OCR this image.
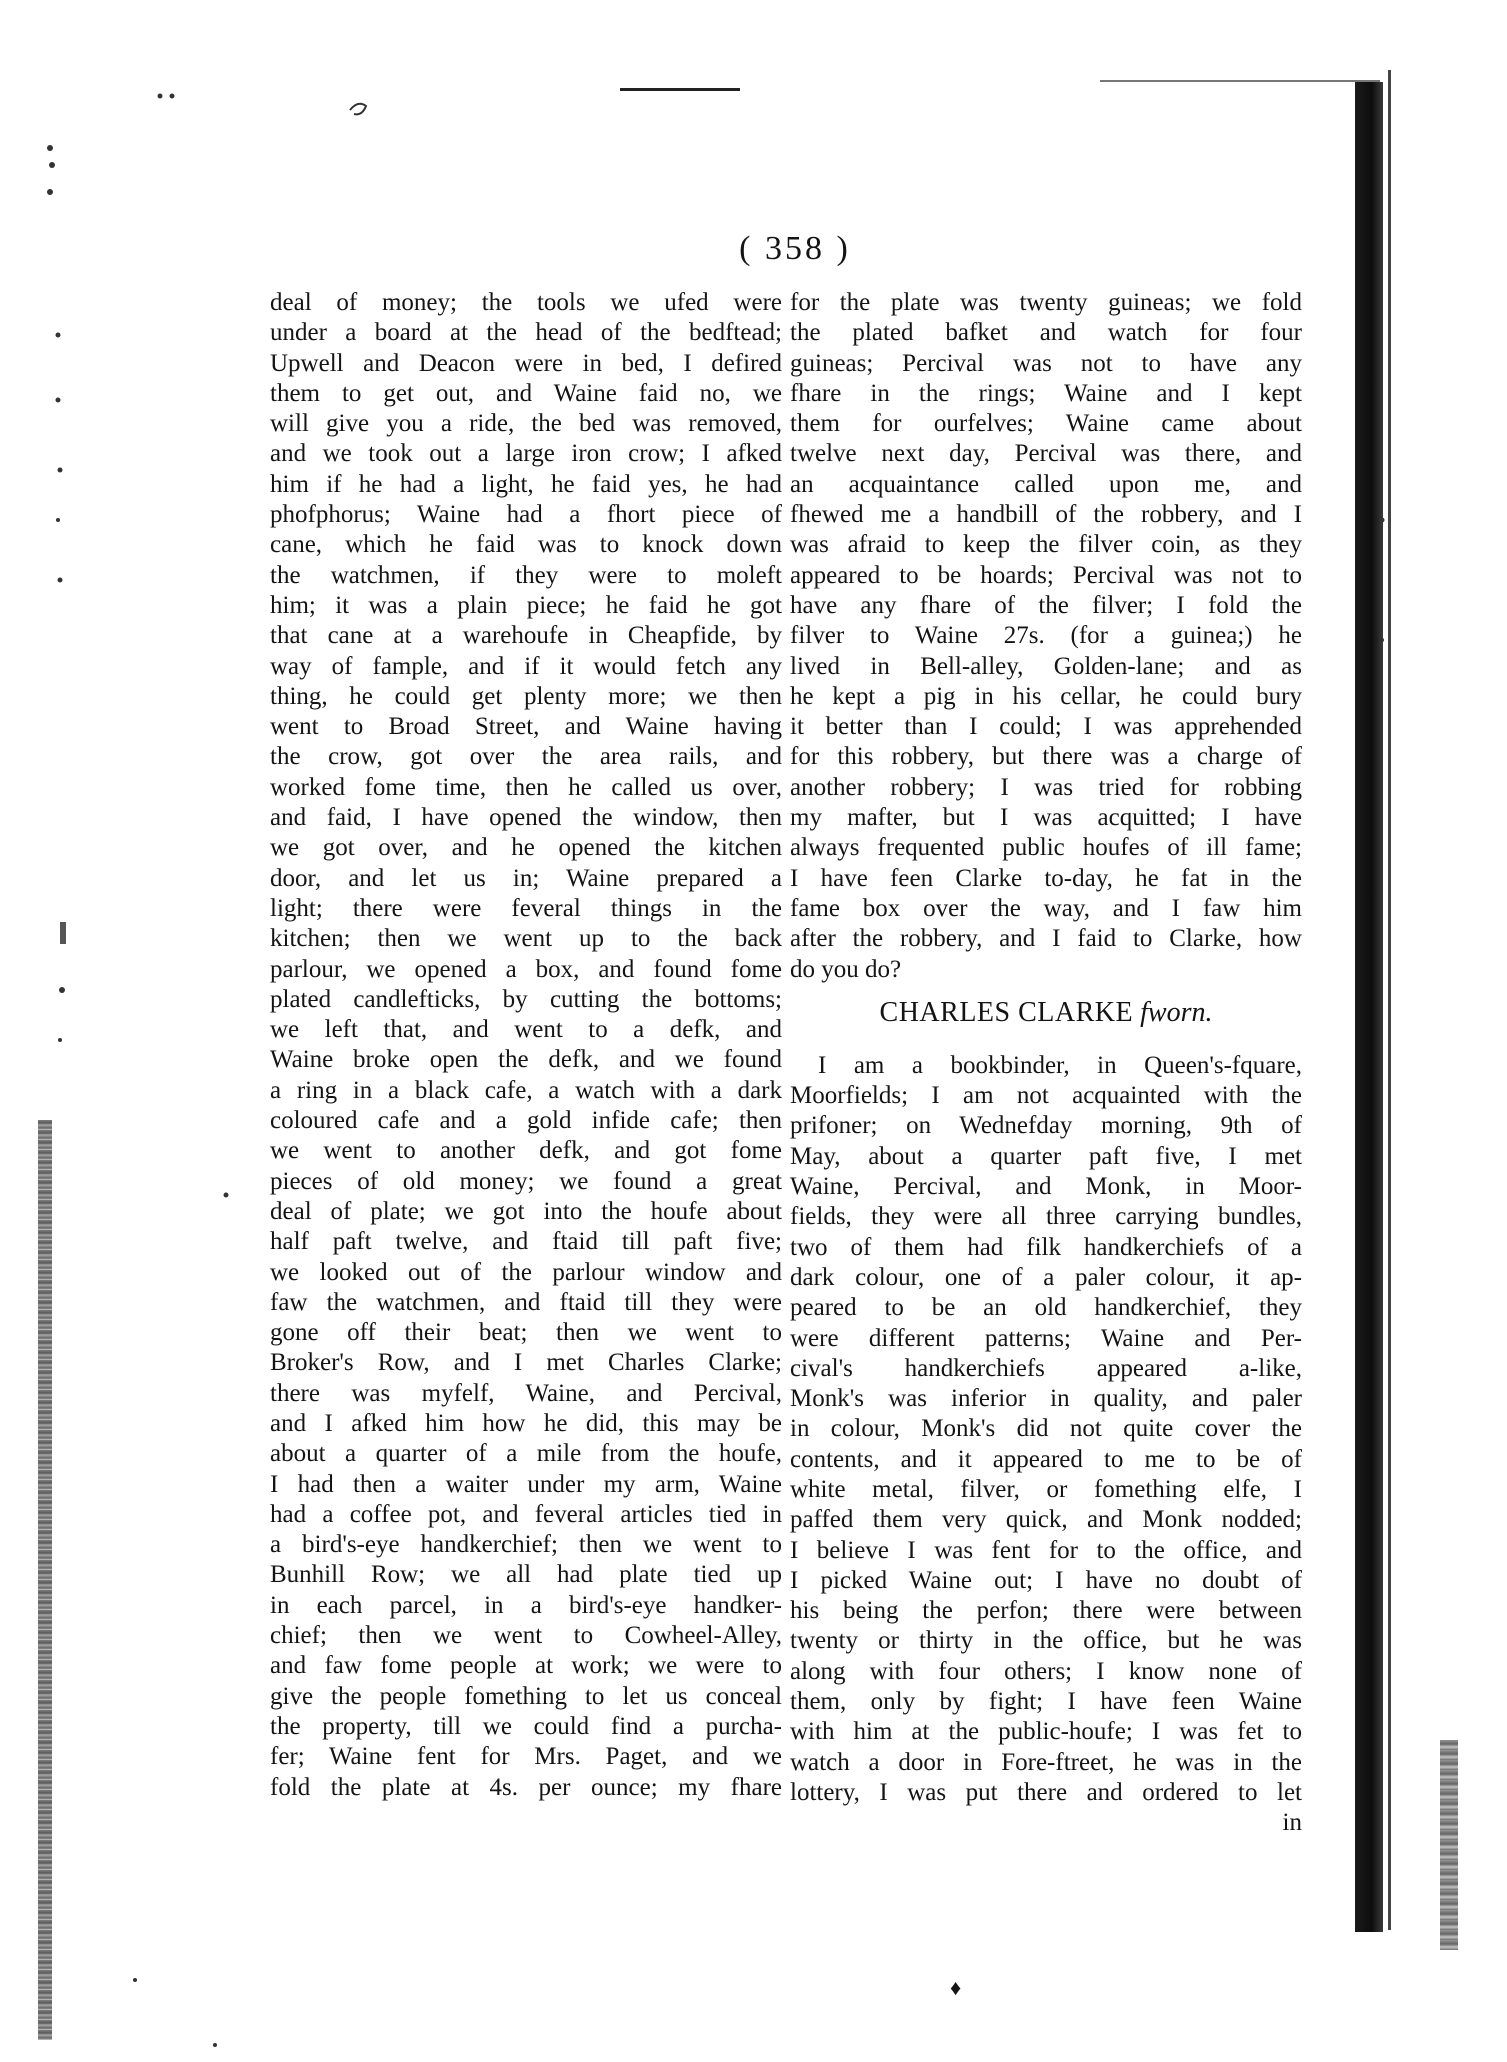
♦
( 358 )
deal of money; the tools we ufed were
under a board at the head of the bedftead;
Upwell and Deacon were in bed, I defired
them to get out, and Waine faid no, we
will give you a ride, the bed was removed,
and we took out a large iron crow; I afked
him if he had a light, he faid yes, he had
phofphorus; Waine had a fhort piece of
cane, which he faid was to knock down
the watchmen, if they were to moleft
him; it was a plain piece; he faid he got
that cane at a warehoufe in Cheapfide, by
way of fample, and if it would fetch any
thing, he could get plenty more; we then
went to Broad Street, and Waine having
the crow, got over the area rails, and
worked fome time, then he called us over,
and faid, I have opened the window, then
we got over, and he opened the kitchen
door, and let us in; Waine prepared a
light; there were feveral things in the
kitchen; then we went up to the back
parlour, we opened a box, and found fome
plated candlefticks, by cutting the bottoms;
we left that, and went to a defk, and
Waine broke open the defk, and we found
a ring in a black cafe, a watch with a dark
coloured cafe and a gold infide cafe; then
we went to another defk, and got fome
pieces of old money; we found a great
deal of plate; we got into the houfe about
half paft twelve, and ftaid till paft five;
we looked out of the parlour window and
faw the watchmen, and ftaid till they were
gone off their beat; then we went to
Broker's Row, and I met Charles Clarke;
there was myfelf, Waine, and Percival,
and I afked him how he did, this may be
about a quarter of a mile from the houfe,
I had then a waiter under my arm, Waine
had a coffee pot, and feveral articles tied in
a bird's-eye handkerchief; then we went to
Bunhill Row; we all had plate tied up
in each parcel, in a bird's-eye handker-
chief; then we went to Cowheel-Alley,
and faw fome people at work; we were to
give the people fomething to let us conceal
the property, till we could find a purcha-
fer; Waine fent for Mrs. Paget, and we
fold the plate at 4s. per ounce; my fhare
for the plate was twenty guineas; we fold
the plated bafket and watch for four
guineas; Percival was not to have any
fhare in the rings; Waine and I kept
them for ourfelves; Waine came about
twelve next day, Percival was there, and
an acquaintance called upon me, and
fhewed me a handbill of the robbery, and I
was afraid to keep the filver coin, as they
appeared to be hoards; Percival was not to
have any fhare of the filver; I fold the
filver to Waine 27s. (for a guinea;) he
lived in Bell-alley, Golden-lane; and as
he kept a pig in his cellar, he could bury
it better than I could; I was apprehended
for this robbery, but there was a charge of
another robbery; I was tried for robbing
my mafter, but I was acquitted; I have
always frequented public houfes of ill fame;
I have feen Clarke to-day, he fat in the
fame box over the way, and I faw him
after the robbery, and I faid to Clarke, how
do you do?
CHARLES CLARKE fworn.
I am a bookbinder, in Queen's-fquare,
Moorfields; I am not acquainted with the
prifoner; on Wednefday morning, 9th of
May, about a quarter paft five, I met
Waine, Percival, and Monk, in Moor-
fields, they were all three carrying bundles,
two of them had filk handkerchiefs of a
dark colour, one of a paler colour, it ap-
peared to be an old handkerchief, they
were different patterns; Waine and Per-
cival's handkerchiefs appeared a-like,
Monk's was inferior in quality, and paler
in colour, Monk's did not quite cover the
contents, and it appeared to me to be of
white metal, filver, or fomething elfe, I
paffed them very quick, and Monk nodded;
I believe I was fent for to the office, and
I picked Waine out; I have no doubt of
his being the perfon; there were between
twenty or thirty in the office, but he was
along with four others; I know none of
them, only by fight; I have feen Waine
with him at the public-houfe; I was fet to
watch a door in Fore-ftreet, he was in the
lottery, I was put there and ordered to let
in
